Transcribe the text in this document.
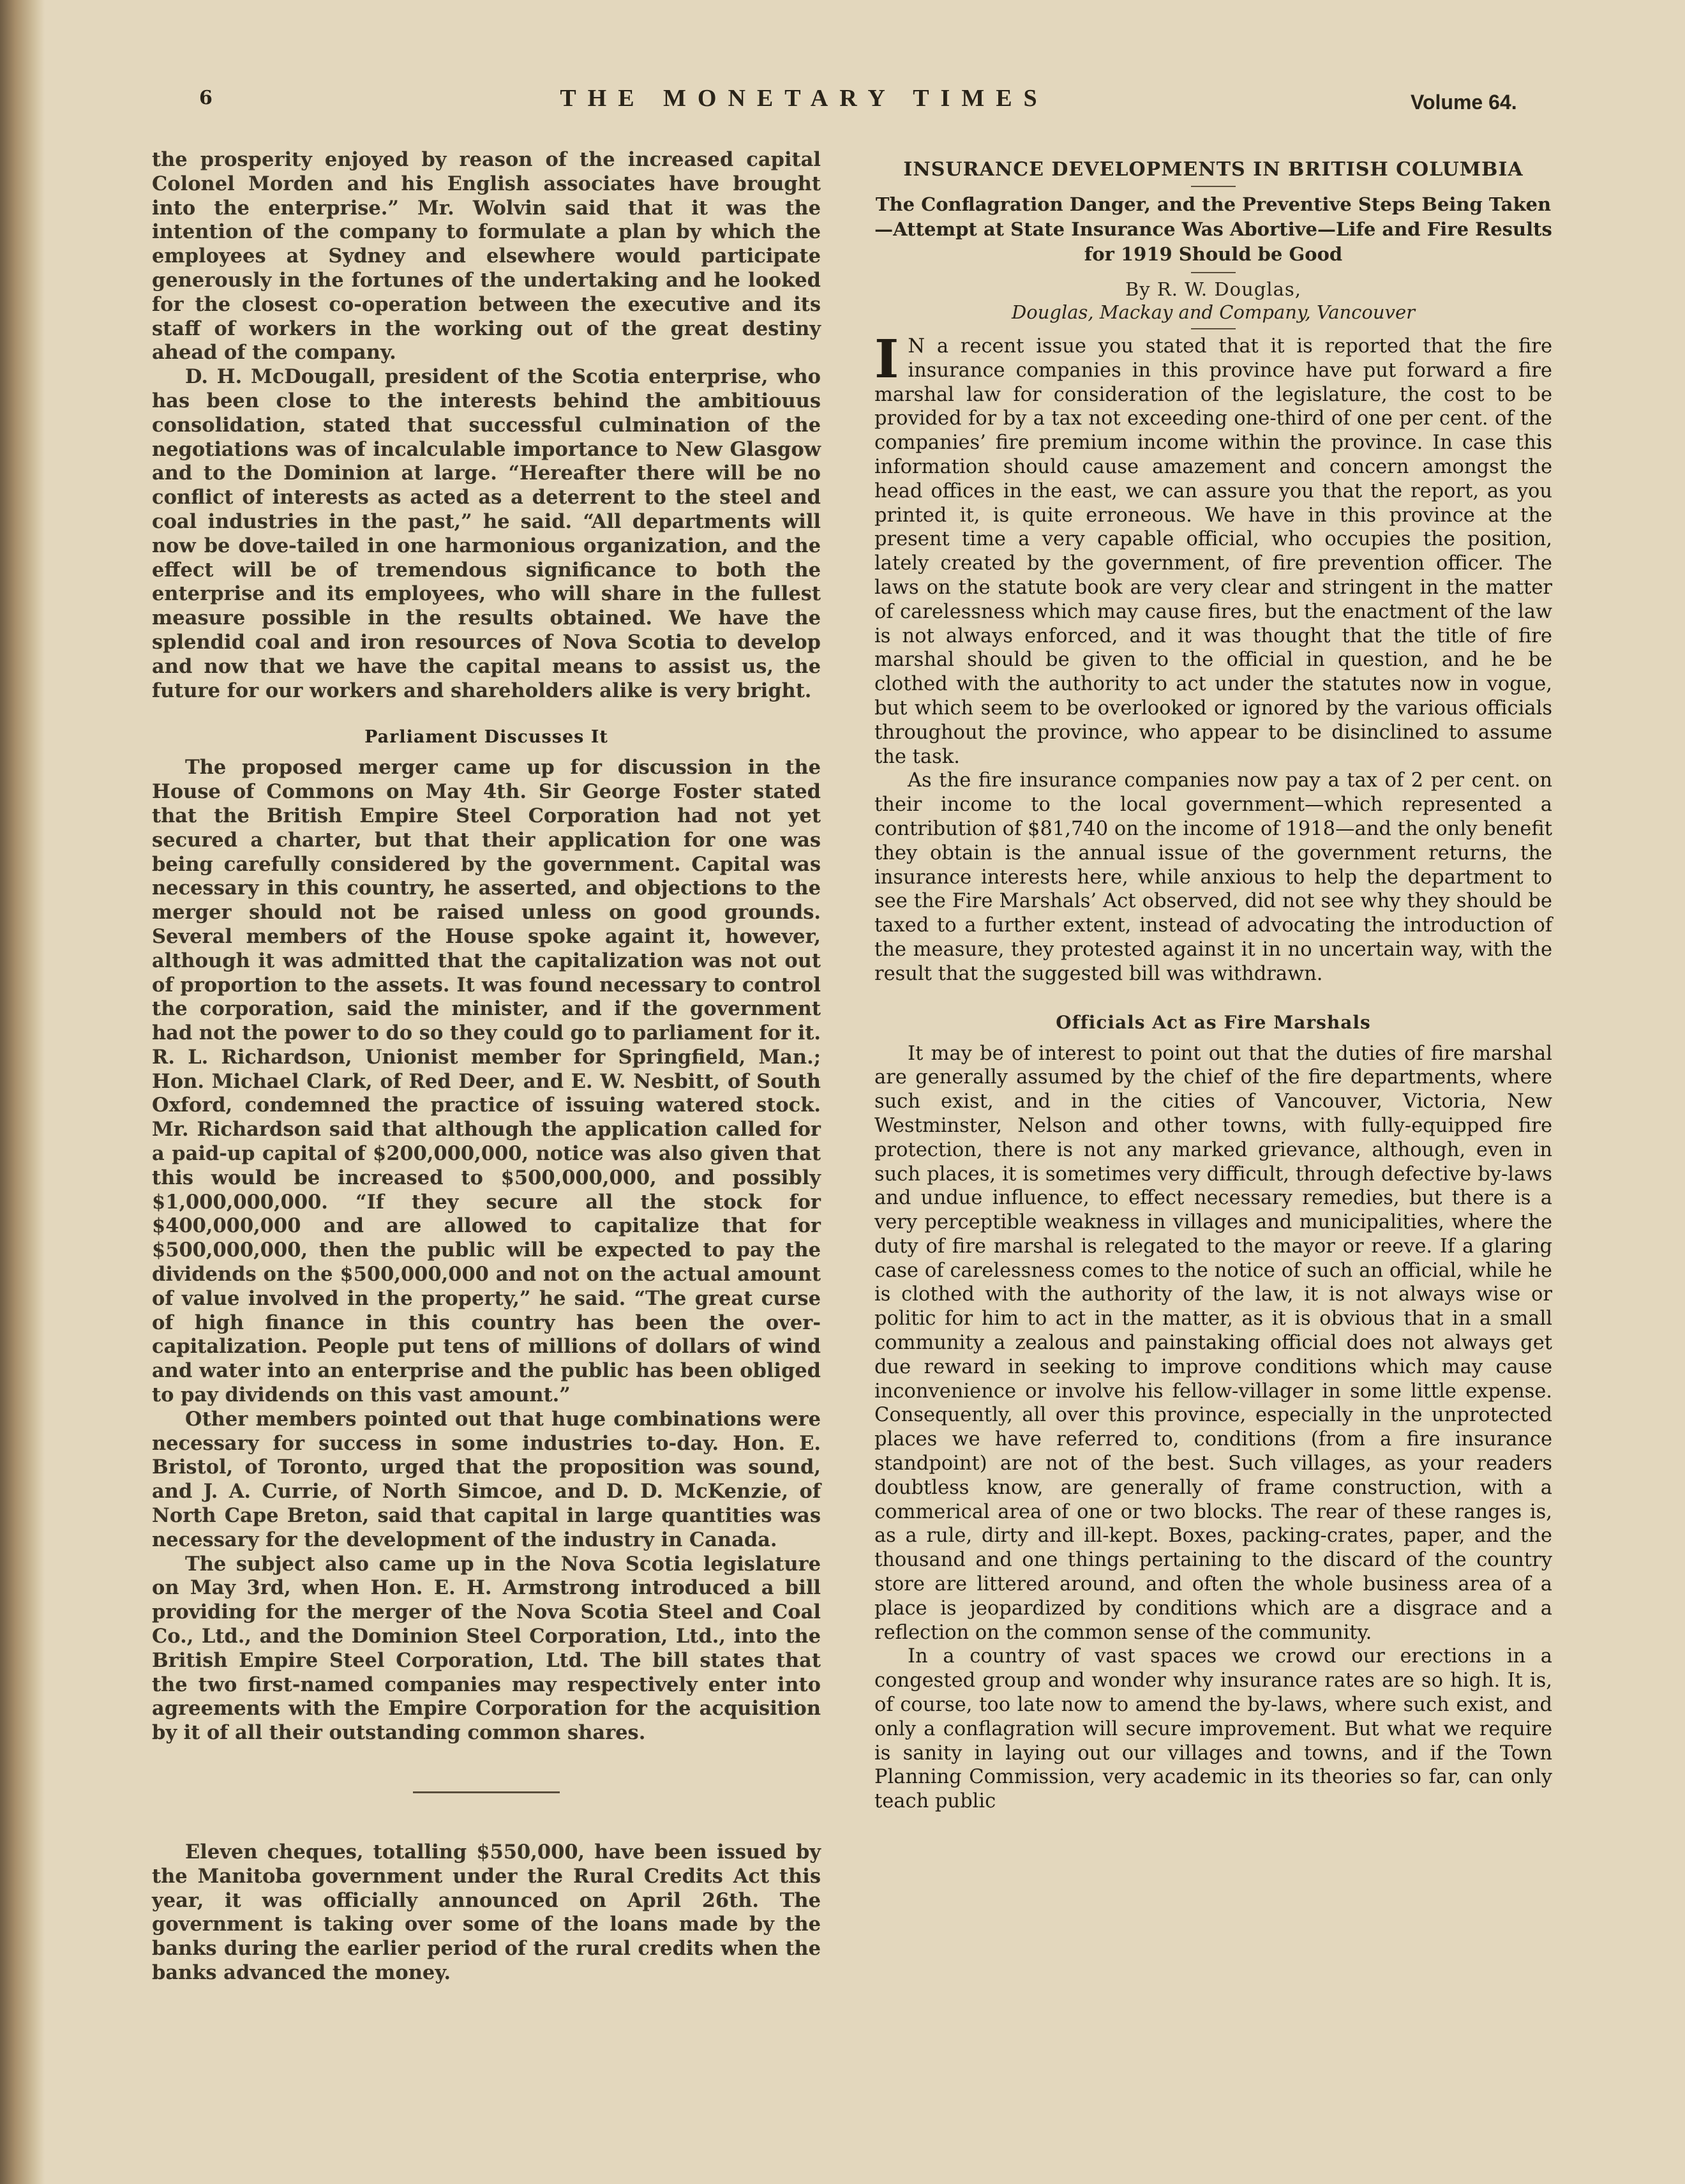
6	THE MONETARY TIMES	Volume 64.

the prosperity enjoyed by reason of the increased capital Colonel Morden and his English associates have brought into the enterprise.” Mr. Wolvin said that it was the intention of the company to formulate a plan by which the employees at Sydney and elsewhere would participate generously in the fortunes of the undertaking and he looked for the closest co-operation between the executive and its staff of workers in the working out of the great destiny ahead of the company.

D. H. McDougall, president of the Scotia enterprise, who has been close to the interests behind the ambitiouus consolidation, stated that successful culmination of the negotiations was of incalculable importance to New Glasgow and to the Dominion at large. “Hereafter there will be no conflict of interests as acted as a deterrent to the steel and coal industries in the past,” he said. “All departments will now be dove-tailed in one harmonious organization, and the effect will be of tremendous significance to both the enterprise and its employees, who will share in the fullest measure possible in the results obtained. We have the splendid coal and iron resources of Nova Scotia to develop and now that we have the capital means to assist us, the future for our workers and shareholders alike is very bright.

Parliament Discusses It

The proposed merger came up for discussion in the House of Commons on May 4th. Sir George Foster stated that the British Empire Steel Corporation had not yet secured a charter, but that their application for one was being carefully considered by the government. Capital was necessary in this country, he asserted, and objections to the merger should not be raised unless on good grounds. Several members of the House spoke againt it, however, although it was admitted that the capitalization was not out of proportion to the assets. It was found necessary to control the corporation, said the minister, and if the government had not the power to do so they could go to parliament for it. R. L. Richardson, Unionist member for Springfield, Man.; Hon. Michael Clark, of Red Deer, and E. W. Nesbitt, of South Oxford, condemned the practice of issuing watered stock. Mr. Richardson said that although the application called for a paid-up capital of $200,000,000, notice was also given that this would be increased to $500,000,000, and possibly $1,000,000,000. “If they secure all the stock for $400,000,000 and are allowed to capitalize that for $500,000,000, then the public will be expected to pay the dividends on the $500,000,000 and not on the actual amount of value involved in the property,” he said. “The great curse of high finance in this country has been the over-capitalization. People put tens of millions of dollars of wind and water into an enterprise and the public has been obliged to pay dividends on this vast amount.”

Other members pointed out that huge combinations were necessary for success in some industries to-day. Hon. E. Bristol, of Toronto, urged that the proposition was sound, and J. A. Currie, of North Simcoe, and D. D. McKenzie, of North Cape Breton, said that capital in large quantities was necessary for the development of the industry in Canada.

The subject also came up in the Nova Scotia legislature on May 3rd, when Hon. E. H. Armstrong introduced a bill providing for the merger of the Nova Scotia Steel and Coal Co., Ltd., and the Dominion Steel Corporation, Ltd., into the British Empire Steel Corporation, Ltd. The bill states that the two first-named companies may respectively enter into agreements with the Empire Corporation for the acquisition by it of all their outstanding common shares.

Eleven cheques, totalling $550,000, have been issued by the Manitoba government under the Rural Credits Act this year, it was officially announced on April 26th. The government is taking over some of the loans made by the banks during the earlier period of the rural credits when the banks advanced the money.

INSURANCE DEVELOPMENTS IN BRITISH COLUMBIA
The Conflagration Danger, and the Preventive Steps Being Taken—Attempt at State Insurance Was Abortive—Life and Fire Results for 1919 Should be Good
By R. W. Douglas,
Douglas, Mackay and Company, Vancouver

I N a recent issue you stated that it is reported that the fire insurance companies in this province have put forward a fire marshal law for consideration of the legislature, the cost to be provided for by a tax not exceeding one-third of one per cent. of the companies’ fire premium income within the province. In case this information should cause amazement and concern amongst the head offices in the east, we can assure you that the report, as you printed it, is quite erroneous. We have in this province at the present time a very capable official, who occupies the position, lately created by the government, of fire prevention officer. The laws on the statute book are very clear and stringent in the matter of carelessness which may cause fires, but the enactment of the law is not always enforced, and it was thought that the title of fire marshal should be given to the official in question, and he be clothed with the authority to act under the statutes now in vogue, but which seem to be overlooked or ignored by the various officials throughout the province, who appear to be disinclined to assume the task.

As the fire insurance companies now pay a tax of 2 per cent. on their income to the local government—which represented a contribution of $81,740 on the income of 1918—and the only benefit they obtain is the annual issue of the government returns, the insurance interests here, while anxious to help the department to see the Fire Marshals’ Act observed, did not see why they should be taxed to a further extent, instead of advocating the introduction of the measure, they protested against it in no uncertain way, with the result that the suggested bill was withdrawn.

Officials Act as Fire Marshals

It may be of interest to point out that the duties of fire marshal are generally assumed by the chief of the fire departments, where such exist, and in the cities of Vancouver, Victoria, New Westminster, Nelson and other towns, with fully-equipped fire protection, there is not any marked grievance, although, even in such places, it is sometimes very difficult, through defective by-laws and undue influence, to effect necessary remedies, but there is a very perceptible weakness in villages and municipalities, where the duty of fire marshal is relegated to the mayor or reeve. If a glaring case of carelessness comes to the notice of such an official, while he is clothed with the authority of the law, it is not always wise or politic for him to act in the matter, as it is obvious that in a small community a zealous and painstaking official does not always get due reward in seeking to improve conditions which may cause inconvenience or involve his fellow-villager in some little expense. Consequently, all over this province, especially in the unprotected places we have referred to, conditions (from a fire insurance standpoint) are not of the best. Such villages, as your readers doubtless know, are generally of frame construction, with a commerical area of one or two blocks. The rear of these ranges is, as a rule, dirty and ill-kept. Boxes, packing-crates, paper, and the thousand and one things pertaining to the discard of the country store are littered around, and often the whole business area of a place is jeopardized by conditions which are a disgrace and a reflection on the common sense of the community.

In a country of vast spaces we crowd our erections in a congested group and wonder why insurance rates are so high. It is, of course, too late now to amend the by-laws, where such exist, and only a conflagration will secure improvement. But what we require is sanity in laying out our villages and towns, and if the Town Planning Commission, very academic in its theories so far, can only teach public
